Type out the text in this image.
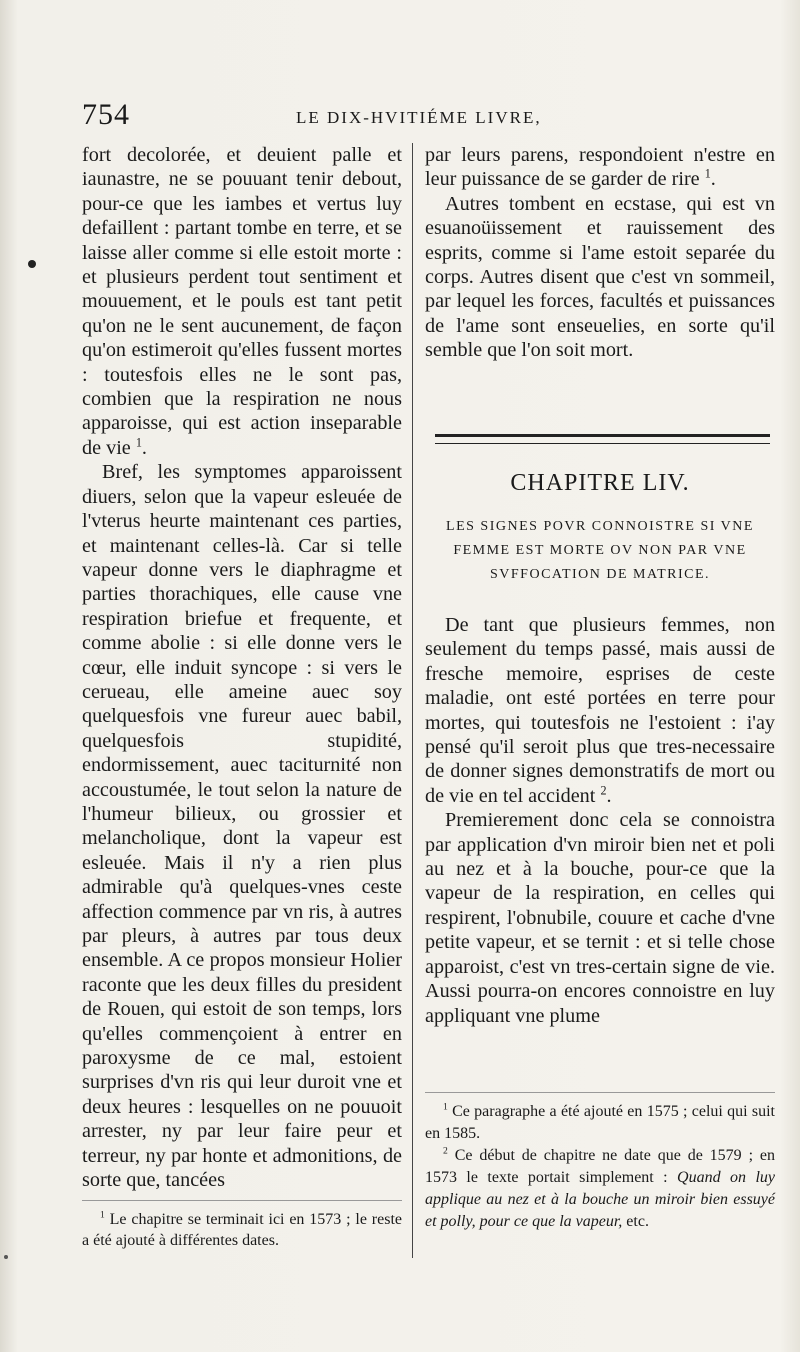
754	LE DIX-HVITIÉME LIVRE,

fort decolorée, et deuient palle et iaunastre, ne se pouuant tenir debout, pour-ce que les iambes et vertus luy defaillent : partant tombe en terre, et se laisse aller comme si elle estoit morte : et plusieurs perdent tout sentiment et mouuement, et le pouls est tant petit qu'on ne le sent aucunement, de façon qu'on estimeroit qu'elles fussent mortes : toutesfois elles ne le sont pas, combien que la respiration ne nous apparoisse, qui est action inseparable de vie $^1$.

Bref, les symptomes apparoissent diuers, selon que la vapeur esleuée de l'vterus heurte maintenant ces parties, et maintenant celles-là. Car si telle vapeur donne vers le diaphragme et parties thorachiques, elle cause vne respiration briefue et frequente, et comme abolie : si elle donne vers le cœur, elle induit syncope : si vers le cerueau, elle ameine auec soy quelquesfois vne fureur auec babil, quelquesfois stupidité, endormissement, auec taciturnité non accoustumée, le tout selon la nature de l'humeur bilieux, ou grossier et melancholique, dont la vapeur est esleuée. Mais il n'y a rien plus admirable qu'à quelques-vnes ceste affection commence par vn ris, à autres par pleurs, à autres par tous deux ensemble. A ce propos monsieur Holier raconte que les deux filles du president de Rouen, qui estoit de son temps, lors qu'elles commençoient à entrer en paroxysme de ce mal, estoient surprises d'vn ris qui leur duroit vne et deux heures : lesquelles on ne pouuoit arrester, ny par leur faire peur et terreur, ny par honte et admonitions, de sorte que, tancées

par leurs parens, respondoient n'estre en leur puissance de se garder de rire $^1$.

Autres tombent en ecstase, qui est vn esuanoüissement et rauissement des esprits, comme si l'ame estoit separée du corps. Autres disent que c'est vn sommeil, par lequel les forces, facultés et puissances de l'ame sont enseuelies, en sorte qu'il semble que l'on soit mort.

CHAPITRE LIV.
LES SIGNES POVR CONNOISTRE SI VNE FEMME EST MORTE OV NON PAR VNE SVFFOCATION DE MATRICE.

De tant que plusieurs femmes, non seulement du temps passé, mais aussi de fresche memoire, esprises de ceste maladie, ont esté portées en terre pour mortes, qui toutesfois ne l'estoient : i'ay pensé qu'il seroit plus que tres-necessaire de donner signes demonstratifs de mort ou de vie en tel accident $^2$.

Premierement donc cela se connoistra par application d'vn miroir bien net et poli au nez et à la bouche, pour-ce que la vapeur de la respiration, en celles qui respirent, l'obnubile, couure et cache d'vne petite vapeur, et se ternit : et si telle chose apparoist, c'est vn tres-certain signe de vie. Aussi pourra-on encores connoistre en luy appliquant vne plume

$^1$ Le chapitre se terminait ici en 1573 ; le reste a été ajouté à différentes dates.

$^1$ Ce paragraphe a été ajouté en 1575 ; celui qui suit en 1585.

$^2$ Ce début de chapitre ne date que de 1579 ; en 1573 le texte portait simplement : Quand on luy applique au nez et à la bouche un miroir bien essuyé et polly, pour ce que la vapeur, etc.
